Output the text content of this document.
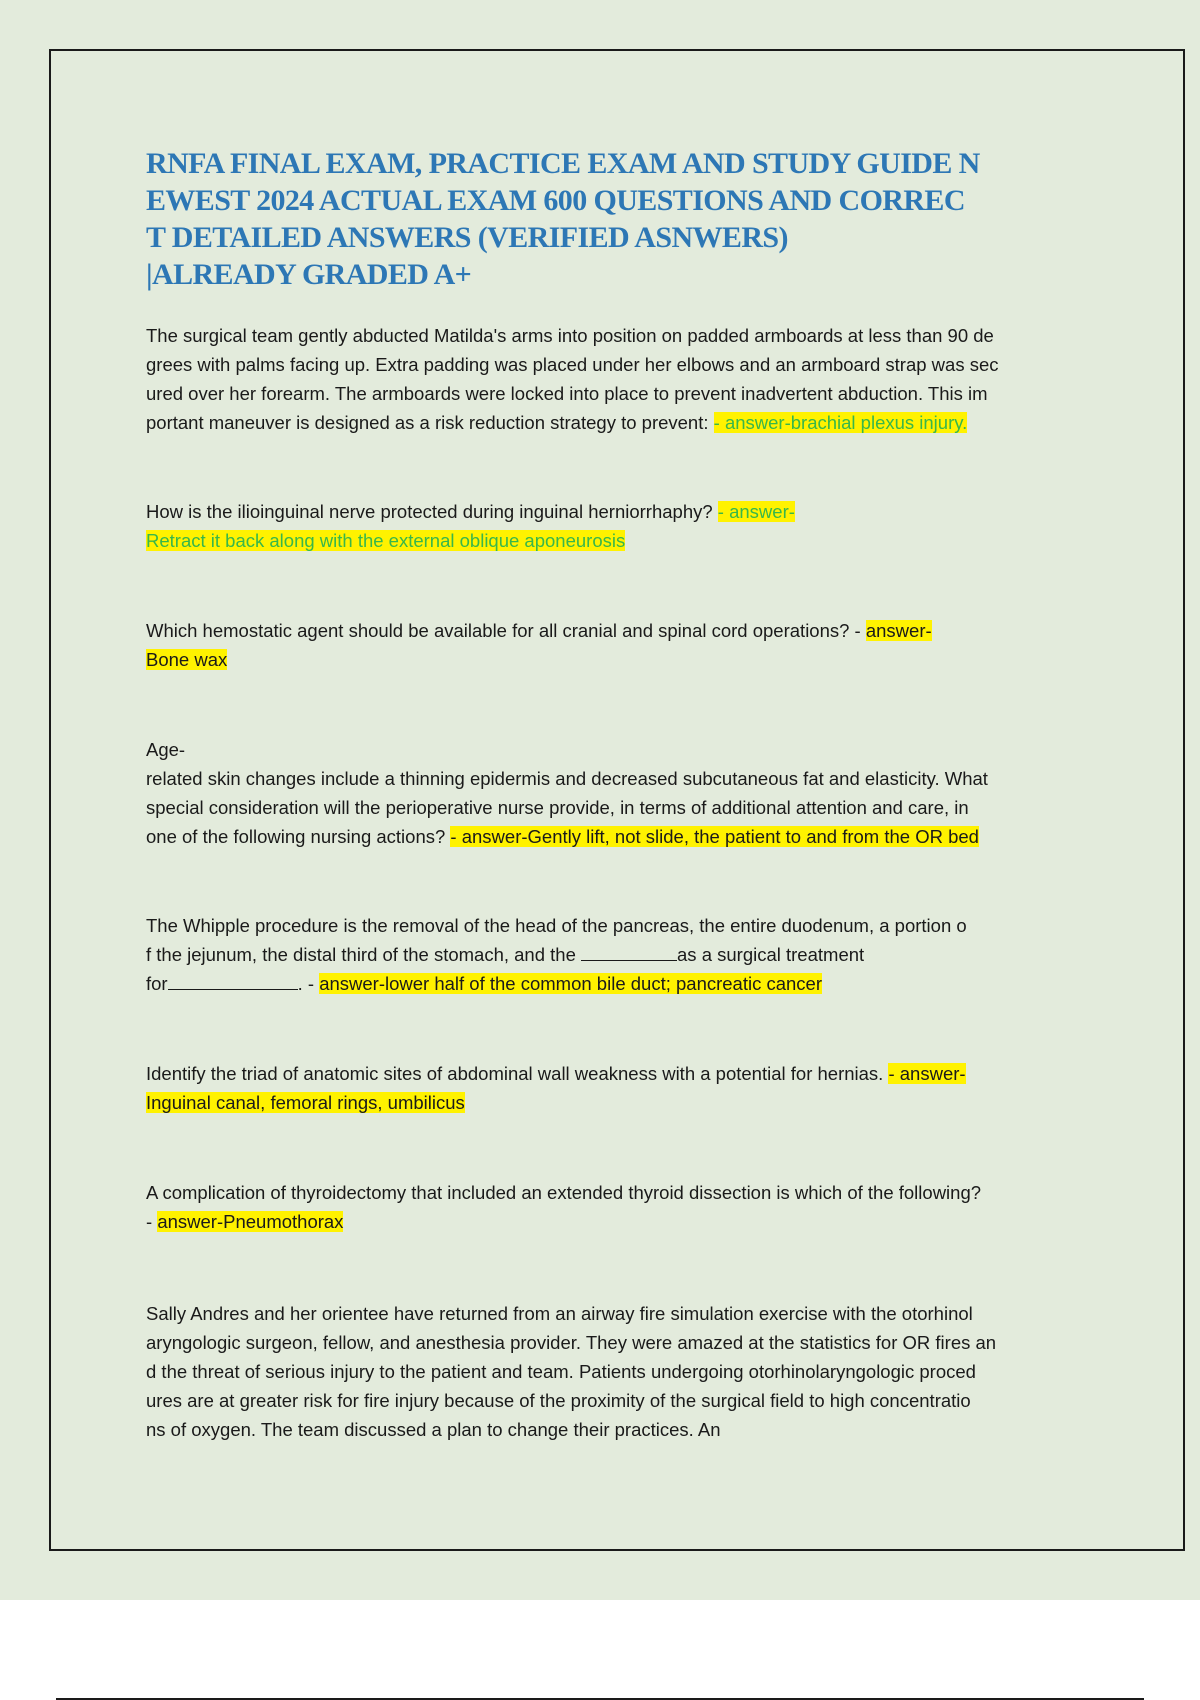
RNFA FINAL EXAM, PRACTICE EXAM AND STUDY GUIDE N
EWEST 2024 ACTUAL EXAM 600 QUESTIONS AND CORREC
T DETAILED ANSWERS (VERIFIED ASNWERS)
|ALREADY GRADED A+

The surgical team gently abducted Matilda's arms into position on padded armboards at less than 90 de
grees with palms facing up. Extra padding was placed under her elbows and an armboard strap was sec
ured over her forearm. The armboards were locked into place to prevent inadvertent abduction. This im
portant maneuver is designed as a risk reduction strategy to prevent: - answer-brachial plexus injury.

How is the ilioinguinal nerve protected during inguinal herniorrhaphy? - answer-
Retract it back along with the external oblique aponeurosis

Which hemostatic agent should be available for all cranial and spinal cord operations? - answer-
Bone wax

Age-
related skin changes include a thinning epidermis and decreased subcutaneous fat and elasticity. What
special consideration will the perioperative nurse provide, in terms of additional attention and care, in
one of the following nursing actions? - answer-Gently lift, not slide, the patient to and from the OR bed

The Whipple procedure is the removal of the head of the pancreas, the entire duodenum, a portion o
f the jejunum, the distal third of the stomach, and the	as a surgical treatment
for	. - answer-lower half of the common bile duct; pancreatic cancer

Identify the triad of anatomic sites of abdominal wall weakness with a potential for hernias. - answer-
Inguinal canal, femoral rings, umbilicus

A complication of thyroidectomy that included an extended thyroid dissection is which of the following?
- answer-Pneumothorax

Sally Andres and her orientee have returned from an airway fire simulation exercise with the otorhinol
aryngologic surgeon, fellow, and anesthesia provider. They were amazed at the statistics for OR fires an
d the threat of serious injury to the patient and team. Patients undergoing otorhinolaryngologic proced
ures are at greater risk for fire injury because of the proximity of the surgical field to high concentratio
ns of oxygen. The team discussed a plan to change their practices. An
